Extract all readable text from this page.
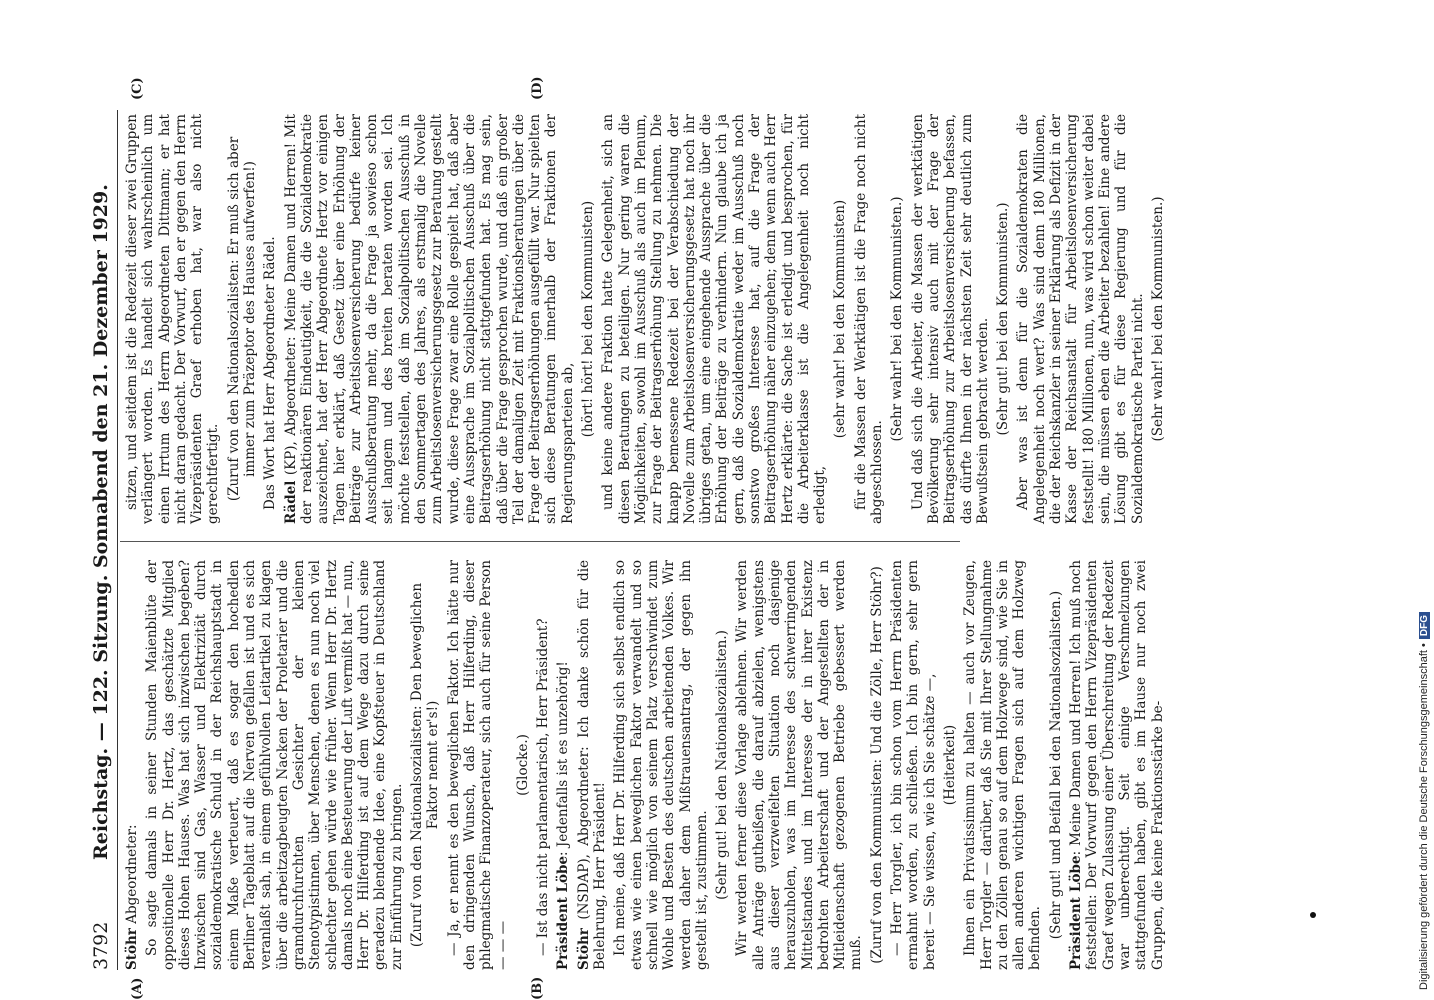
3792
Reichstag. — 122. Sitzung. Sonnabend den 21. Dezember 1929.
(A)	(B)
(C)	(D)

Stöhr Abgeordneter: So sagte damals in seiner Stunden Maienblüte der oppositionelle Herr Dr. Hertz, das geschätzte Mitglied dieses Hohen Hauses. Was hat sich inzwischen begeben? Inzwischen sind Gas, Wasser und Elektrizität durch sozialdemokratische Schuld in der Reichshauptstadt in einem Maße verteuert, daß es sogar den hochedlen Berliner Tageblatt auf die Nerven gefallen ist und es sich veranlaßt sah, in einem gefühlvollen Leitartikel zu klagen über die arbeitzagbeugten Nacken der Proletarier und die gramdurchfurchten Gesichter der kleinen Stenotypistinnen, über Menschen, denen es nun noch viel schlechter gehen würde wie früher. Wenn Herr Dr. Hertz damals noch eine Besteuerung der Luft vermißt hat — nun, Herr Dr. Hilferding ist auf dem Wege dazu durch seine geradezu blendende Idee, eine Kopfsteuer in Deutschland zur Einführung zu bringen. (Zuruf von den Nationalsozialisten: Den beweglichen Faktor nennt er's!) — Ja, er nennt es den beweglichen Faktor. Ich hätte nur den dringenden Wunsch, daß Herr Hilferding, dieser phlegmatische Finanzoperateur, sich auch für seine Person — — —

(Glocke.) — Ist das nicht parlamentarisch, Herr Präsident? Präsident Löbe: Jedenfalls ist es unzehörig!

Stöhr (NSDAP), Abgeordneter: Ich danke schön für die Belehrung, Herr Präsident! Ich meine, daß Herr Dr. Hilferding sich selbst endlich so etwas wie einen beweglichen Faktor verwandelt und so schnell wie möglich von seinem Platz verschwindet zum Wohle und Besten des deutschen arbeitenden Volkes. Wir werden daher dem Mißtrauensantrag, der gegen ihn gestellt ist, zustimmen. (Sehr gut! bei den Nationalsozialisten.) Wir werden ferner diese Vorlage ablehnen. Wir werden alle Anträge gutheißen, die darauf abzielen, wenigstens aus dieser verzweifelten Situation noch dasjenige herauszuholen, was im Interesse des schwerringenden Mittelstandes und im Interesse der in ihrer Existenz bedrohten Arbeiterschaft und der Angestellten der in Mitleidenschaft gezogenen Betriebe gebessert werden muß. (Zuruf von den Kommunisten: Und die Zölle, Herr Stöhr?) — Herr Torgler, ich bin schon vom Herrn Präsidenten ermahnt worden, zu schließen. Ich bin gern, sehr gern bereit — Sie wissen, wie ich Sie schätze —, (Heiterkeit) Ihnen ein Privatissimum zu halten — auch vor Zeugen, Herr Torgler — darüber, daß Sie mit Ihrer Stellungnahme zu den Zöllen genau so auf dem Holzwege sind, wie Sie in allen anderen wichtigen Fragen sich auf dem Holzweg befinden. (Sehr gut! und Beifall bei den Nationalsozialisten.) Präsident Löbe: Meine Damen und Herren! Ich muß noch feststellen: Der Vorwurf gegen den Herrn Vizepräsidenten Graef wegen Zulassung einer Überschreitung der Redezeit war unberechtigt. Seit einige Verschmelzungen stattgefunden haben, gibt es im Hause nur noch zwei Gruppen, die keine Fraktionsstärke be-

sitzen, und seitdem ist die Redezeit dieser zwei Gruppen verlängert worden. Es handelt sich wahrscheinlich um einen Irrtum des Herrn Abgeordneten Dittmann; er hat nicht daran gedacht. Der Vorwurf, den er gegen den Herrn Vizepräsidenten Graef erhoben hat, war also nicht gerechtfertigt. (Zuruf von den Nationalsozialisten: Er muß sich aber immer zum Präzeptor des Hauses aufwerfen!) Das Wort hat Herr Abgeordneter Rädel. Rädel (KP), Abgeordneter: Meine Damen und Herren! Mit der reaktionären Eindeutigkeit, die die Sozialdemokratie auszeichnet, hat der Herr Abgeordnete Hertz vor einigen Tagen hier erklärt, daß Gesetz über eine Erhöhung der Beiträge zur Arbeitslosenversicherung bedürfe keiner Ausschußberatung mehr, da die Frage ja sowieso schon seit langem und des breiten beraten worden sei. Ich möchte feststellen, daß im Sozialpolitischen Ausschuß in den Sommertagen des Jahres, als erstmalig die Novelle zum Arbeitslosenversicherungsgesetz zur Beratung gestellt wurde, diese Frage zwar eine Rolle gespielt hat, daß aber eine Aussprache im Sozialpolitischen Ausschuß über die Beitragserhöhung nicht stattgefunden hat. Es mag sein, daß über die Frage gesprochen wurde, und daß ein großer Teil der damaligen Zeit mit Fraktionsberatungen über die Frage der Beitragserhöhungen ausgefüllt war. Nur spielten sich diese Beratungen innerhalb der Fraktionen der Regierungsparteien ab,

(hört! hört! bei den Kommunisten) und keine andere Fraktion hatte Gelegenheit, sich an diesen Beratungen zu beteiligen. Nur gering waren die Möglichkeiten, sowohl im Ausschuß als auch im Plenum, zur Frage der Beitragserhöhung Stellung zu nehmen. Die knapp bemessene Redezeit bei der Verabschiedung der Novelle zum Arbeitslosenversicherungsgesetz hat noch ihr übriges getan, um eine eingehende Aussprache über die Erhöhung der Beiträge zu verhindern. Nun glaube ich ja gern, daß die Sozialdemokratie weder im Ausschuß noch sonstwo großes Interesse hat, auf die Frage der Beitragserhöhung näher einzugehen; denn wenn auch Herr Hertz erklärte: die Sache ist erledigt und besprochen, für die Arbeiterklasse ist die Angelegenheit noch nicht erledigt,

(sehr wahr! bei den Kommunisten) für die Massen der Werktätigen ist die Frage noch nicht abgeschlossen.

(Sehr wahr! bei den Kommunisten.) Und daß sich die Arbeiter, die Massen der werktätigen Bevölkerung sehr intensiv auch mit der Frage der Beitragserhöhung zur Arbeitslosenversicherung befassen, das dürfte Ihnen in der nächsten Zeit sehr deutlich zum Bewußtsein gebracht werden. (Sehr gut! bei den Kommunisten.) Aber was ist denn für die Sozialdemokraten die Angelegenheit noch wert? Was sind denn 180 Millionen, die der Reichskanzler in seiner Erklärung als Defizit in der Kasse der Reichsanstalt für Arbeitslosenversicherung feststellt! 180 Millionen, nun, was wird schon weiter dabei sein, die müssen eben die Arbeiter bezahlen! Eine andere Lösung gibt es für diese Regierung und für die Sozialdemokratische Partei nicht. (Sehr wahr! bei den Kommunisten.)

Digitalisierung gefördert durch die Deutsche Forschungsgemeinschaft •DFG
